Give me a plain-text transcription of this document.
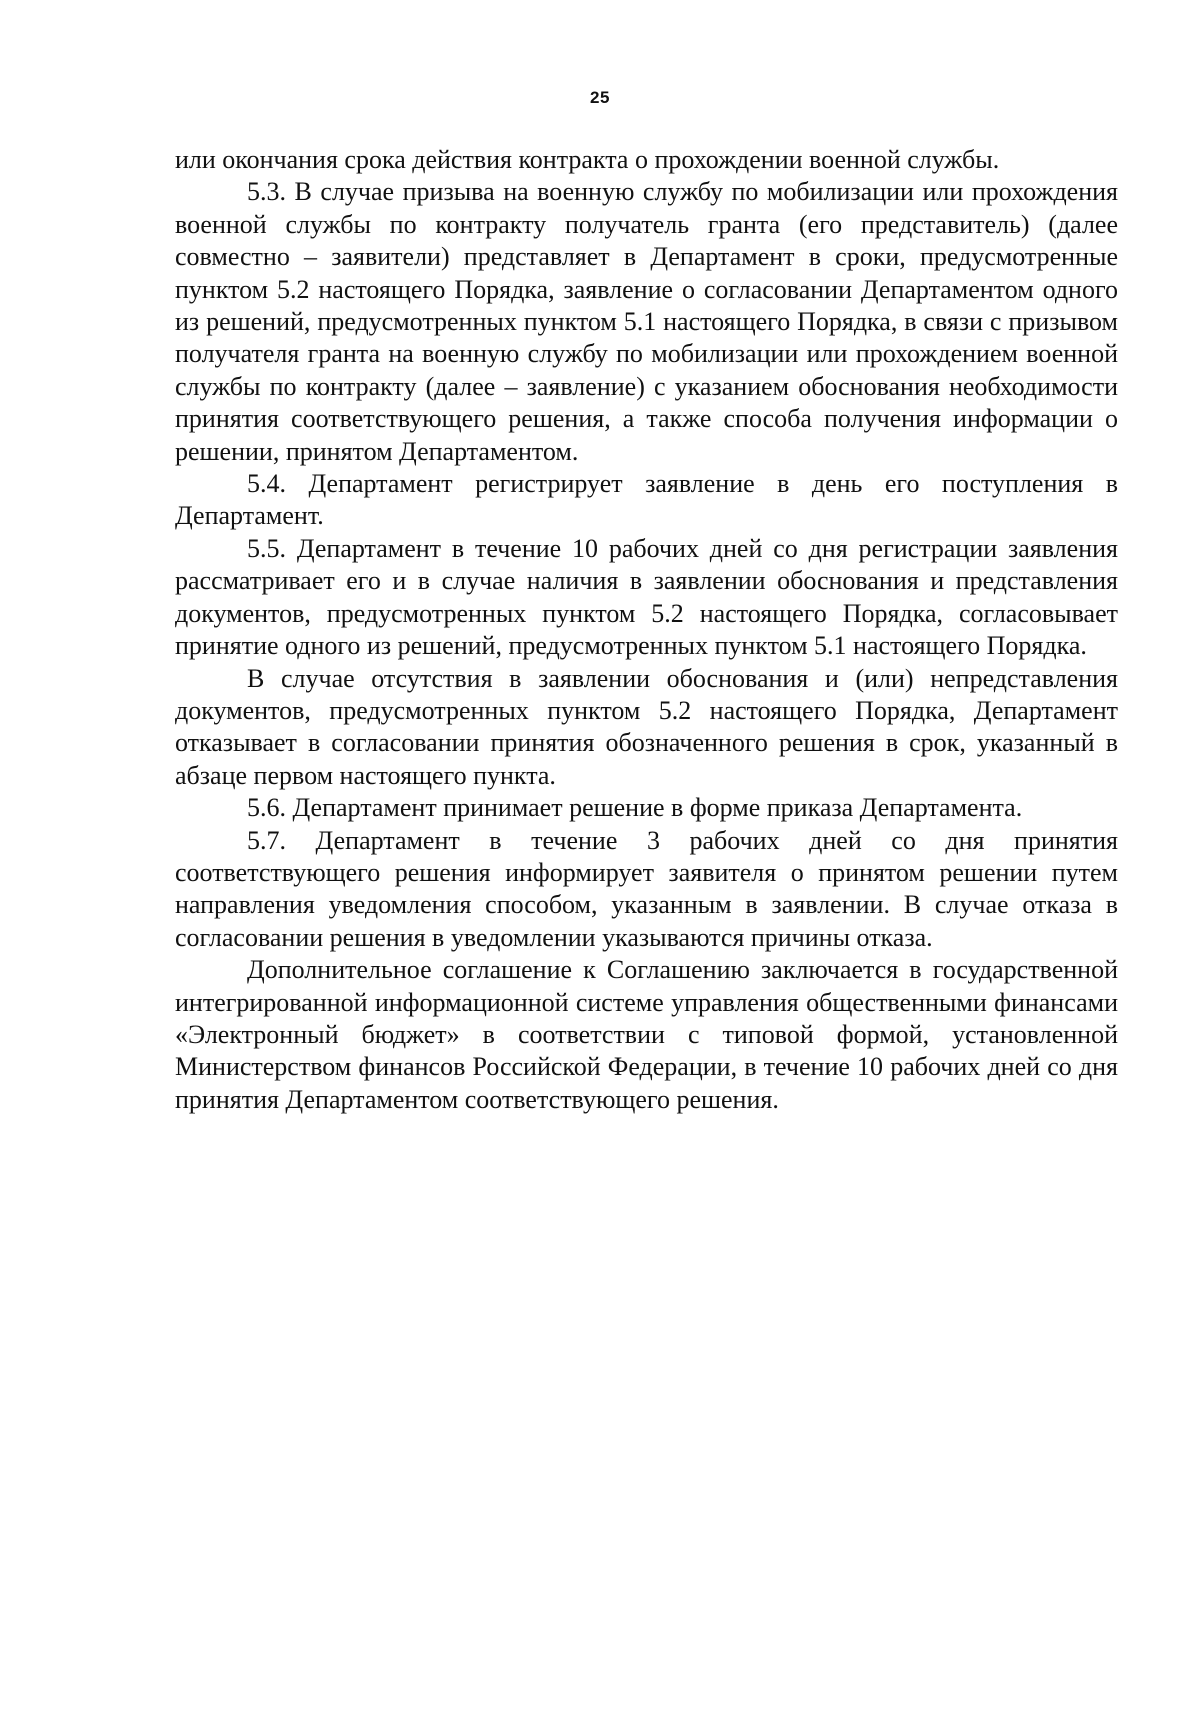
25

или окончания срока действия контракта о прохождении военной службы.

5.3. В случае призыва на военную службу по мобилизации или прохождения военной службы по контракту получатель гранта (его представитель) (далее совместно – заявители) представляет в Департамент в сроки, предусмотренные пунктом 5.2 настоящего Порядка, заявление о согласовании Департаментом одного из решений, предусмотренных пунктом 5.1 настоящего Порядка, в связи с призывом получателя гранта на военную службу по мобилизации или прохождением военной службы по контракту (далее – заявление) с указанием обоснования необходимости принятия соответствующего решения, а также способа получения информации о решении, принятом Департаментом.

5.4. Департамент регистрирует заявление в день его поступления в Департамент.

5.5. Департамент в течение 10 рабочих дней со дня регистрации заявления рассматривает его и в случае наличия в заявлении обоснования и представления документов, предусмотренных пунктом 5.2 настоящего Порядка, согласовывает принятие одного из решений, предусмотренных пунктом 5.1 настоящего Порядка.

В случае отсутствия в заявлении обоснования и (или) непредставления документов, предусмотренных пунктом 5.2 настоящего Порядка, Департамент отказывает в согласовании принятия обозначенного решения в срок, указанный в абзаце первом настоящего пункта.

5.6. Департамент принимает решение в форме приказа Департамента.

5.7. Департамент в течение 3 рабочих дней со дня принятия соответствующего решения информирует заявителя о принятом решении путем направления уведомления способом, указанным в заявлении. В случае отказа в согласовании решения в уведомлении указываются причины отказа.

Дополнительное соглашение к Соглашению заключается в государственной интегрированной информационной системе управления общественными финансами «Электронный бюджет» в соответствии с типовой формой, установленной Министерством финансов Российской Федерации, в течение 10 рабочих дней со дня принятия Департаментом соответствующего решения.
